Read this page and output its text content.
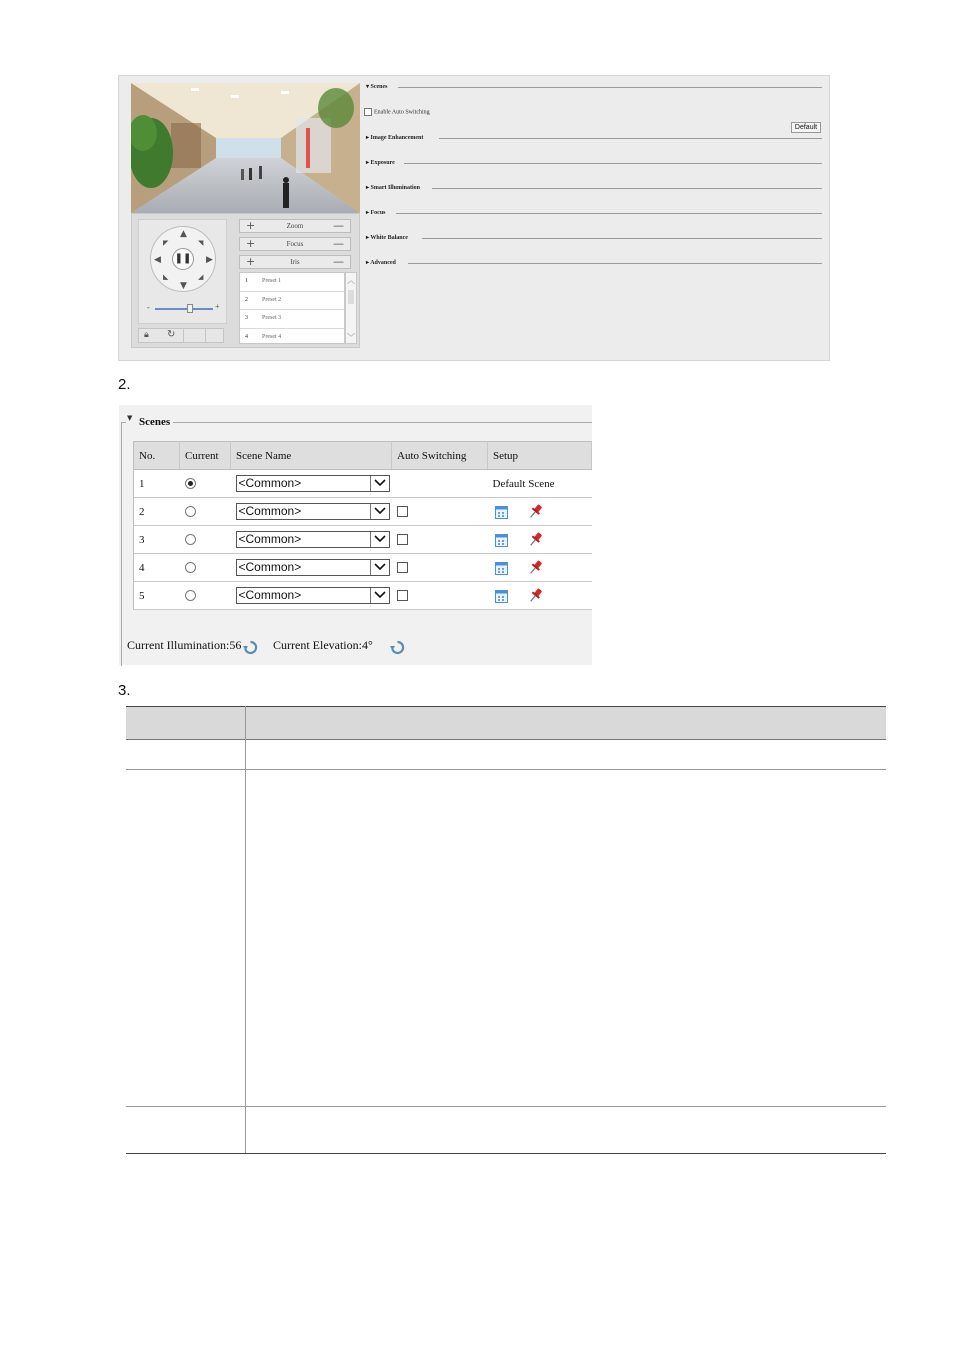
▲
▼
◀	▶
◤	◥
◣	◢
❚❚
-	+
🔒︎ ↻
+	Zoom	—
+	Focus	—
+	Iris	—
1 Preset 1
2 Preset 2
3 Preset 3
4 Preset 4
︿
﹀
▾ Scenes
Enable Auto Switching
Default
▸ Image Enhancement
▸ Exposure
▸ Smart Illumination
▸ Focus
▸ White Balance
▸ Advanced
2.
▼ Scenes
No.	Current	Scene Name	Auto Switching	Setup
1		<Common>		Default Scene
2		<Common>

3		<Common>

4		<Common>

5		<Common>

Current Illumination:56	Current Elevation:4°
3.
